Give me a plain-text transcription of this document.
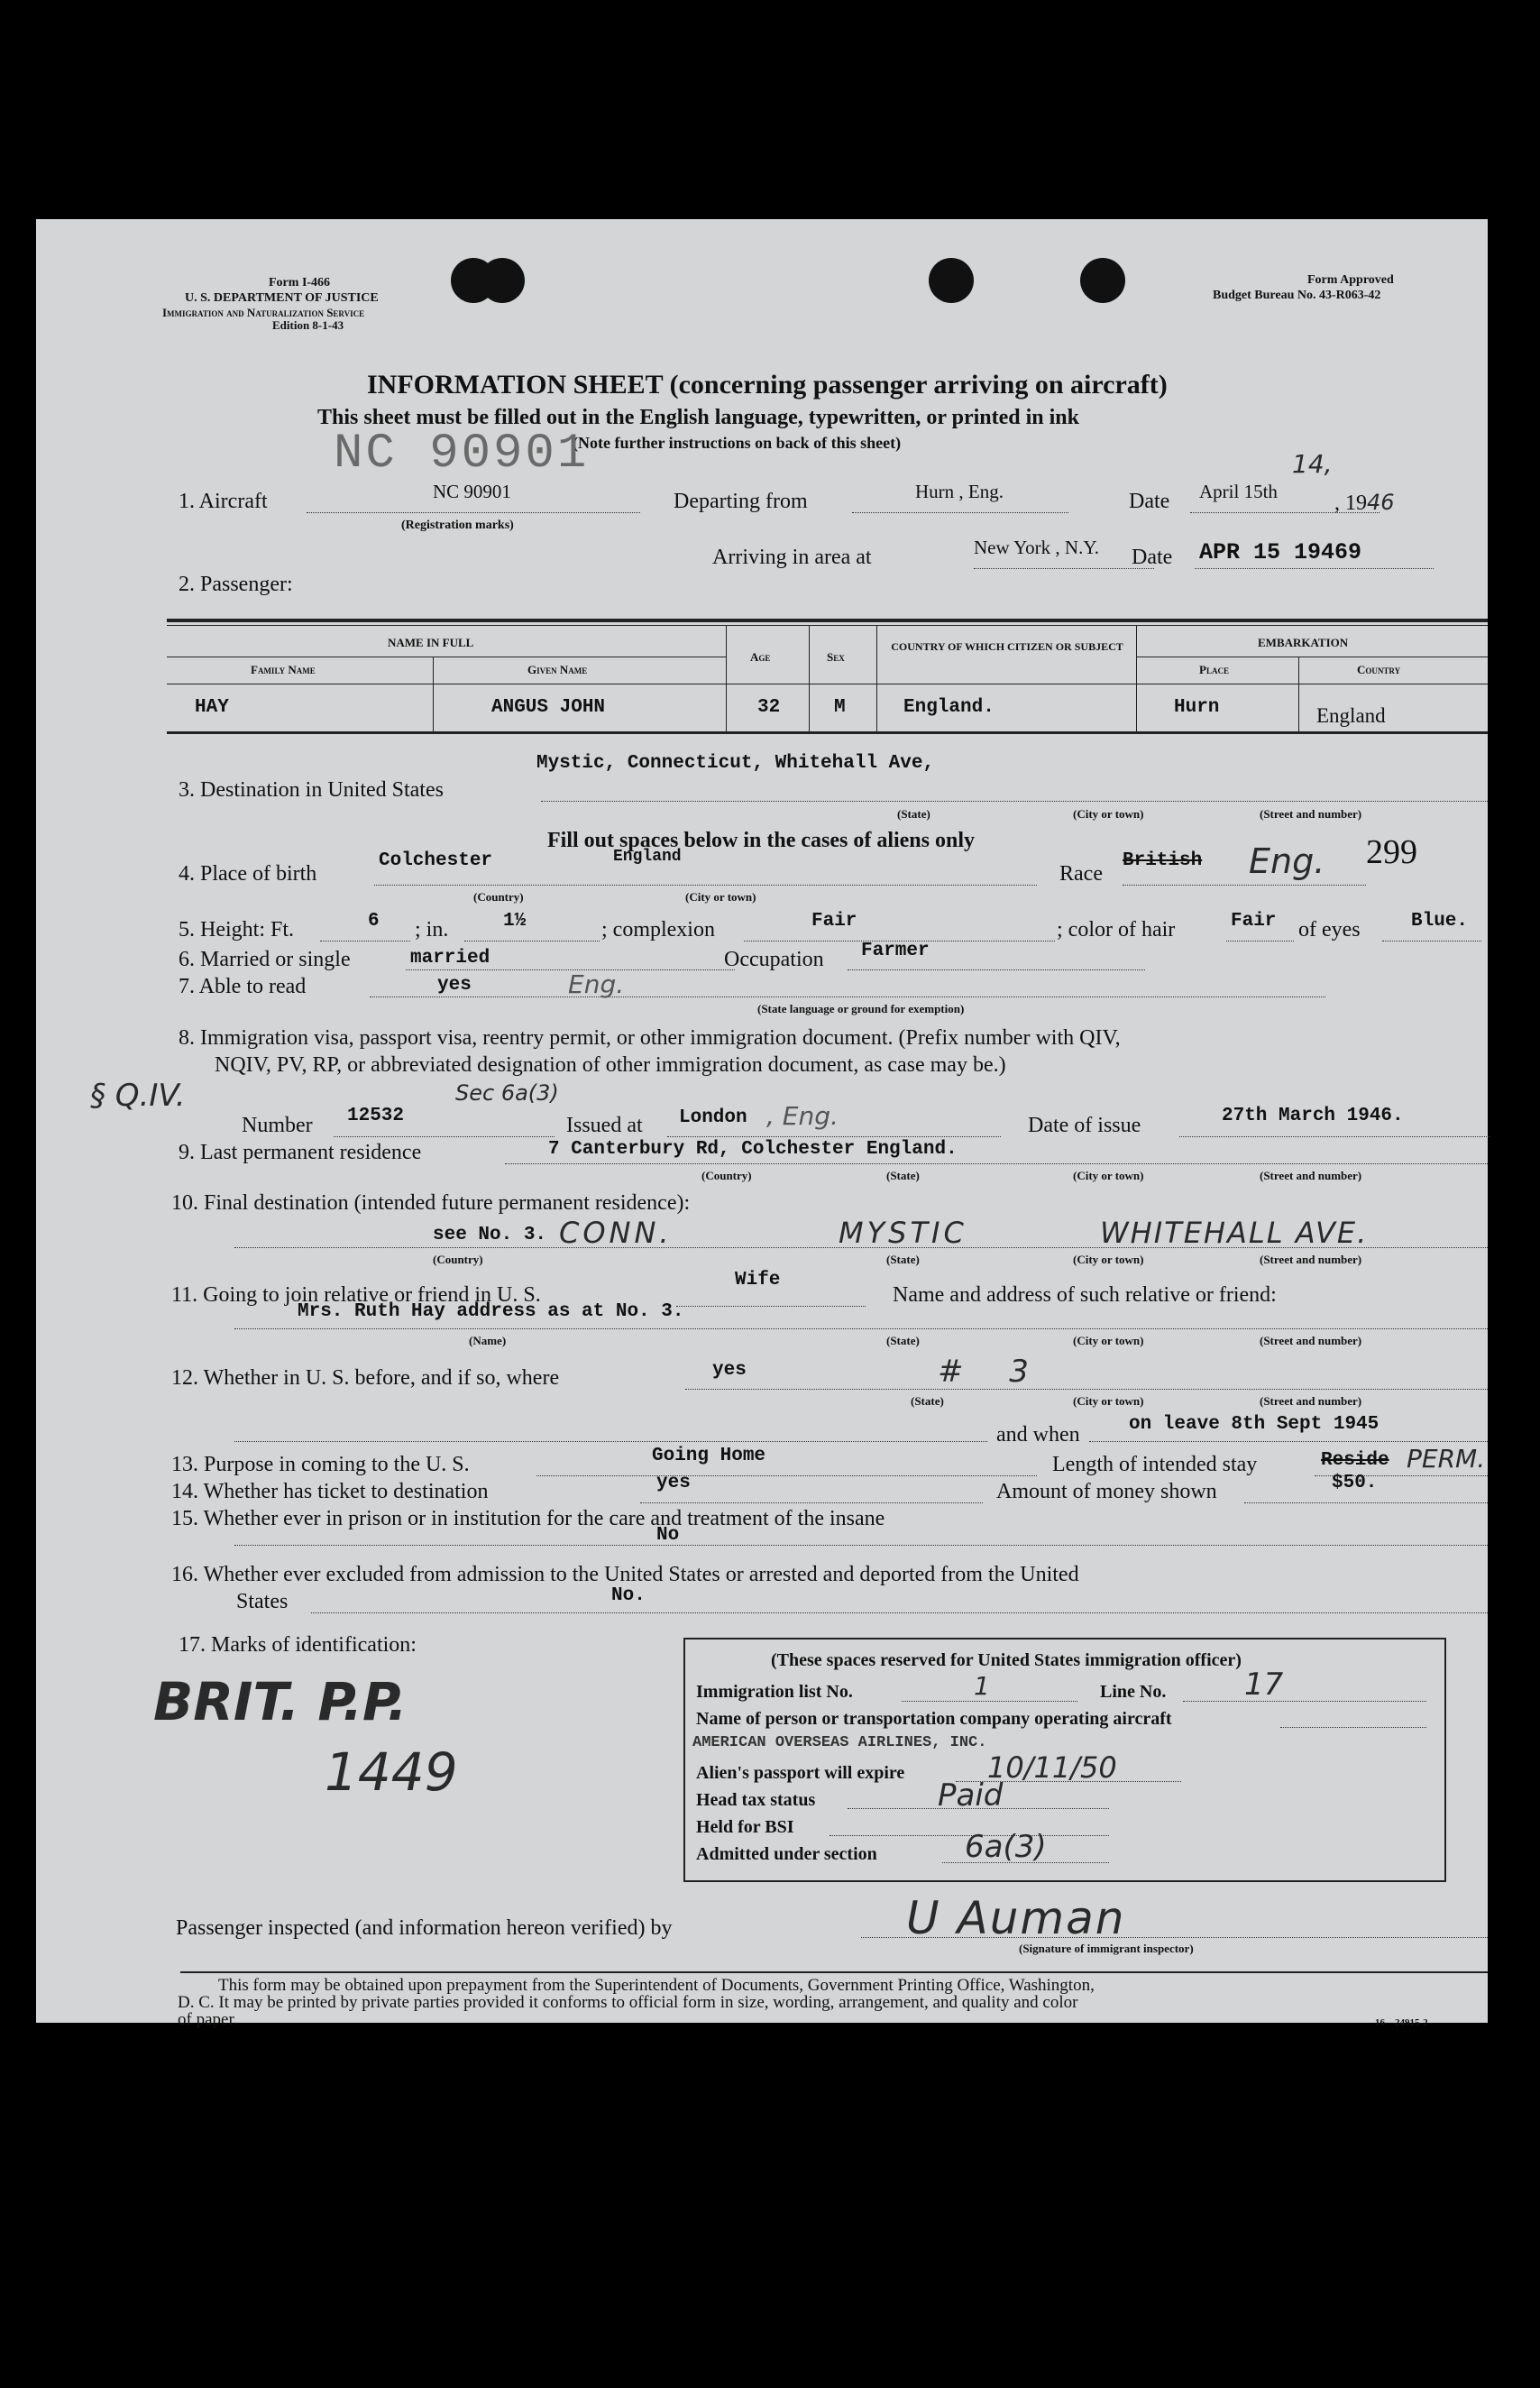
Form I-466
U. S. DEPARTMENT OF JUSTICE
Immigration and Naturalization Service
Edition 8-1-43
Form Approved
Budget Bureau No. 43-R063-42
INFORMATION SHEET (concerning passenger arriving on aircraft)
This sheet must be filled out in the English language, typewritten, or printed in ink
(Note further instructions on back of this sheet)
NC 90901
1. Aircraft	NC 90901
(Registration marks)
Departing from	Hurn , Eng.	Date April 15th
14,
, 1946
Arriving in area at	New York , N.Y. Date APR 15 19469
2. Passenger:
NAME IN FULL
Family Name	Given Name
Age	Sex
COUNTRY OF WHICH CITIZEN OR SUBJECT	EMBARKATION
Place	Country
HAY	ANGUS JOHN	32	M	England.	Hurn	England
Mystic, Connecticut, Whitehall Ave,
3. Destination in United States
(State)	(City or town)	(Street and number)
Fill out spaces below in the cases of aliens only
4. Place of birth
Colchester	England
(Country)	(City or town)
Race
British Eng. 299
5. Height: Ft.	6 ; in.	1½	; complexion	Fair	; color of hair	Fair of eyes	Blue.
6. Married or single	married	Occupation Farmer
7. Able to read	yes	Eng.
(State language or ground for exemption)
8. Immigration visa, passport visa, reentry permit, or other immigration document. (Prefix number with QIV,
NQIV, PV, RP, or abbreviated designation of other immigration document, as case may be.)
§ Q.IV.	Sec 6a(3)
Number 12532	Issued at London , Eng.	Date of issue	27th March 1946.
9. Last permanent residence	7 Canterbury Rd, Colchester England.
(Country)	(State)	(City or town)	(Street and number)
10. Final destination (intended future permanent residence):
see No. 3. CONN.	MYSTIC	WHITEHALL AVE.
(Country)	(State)	(City or town)	(Street and number)
Wife
11. Going to join relative or friend in U. S.	Name and address of such relative or friend:
Mrs. Ruth Hay address as at No. 3.
(Name)	(State)	(City or town)	(Street and number)
12. Whether in U. S. before, and if so, where	yes	# 3
(State)	(City or town)	(Street and number)
and when	on leave 8th Sept 1945
13. Purpose in coming to the U. S.	Going Home	Length of intended stay	Reside PERM.
14. Whether has ticket to destination	yes	Amount of money shown	$50.
15. Whether ever in prison or in institution for the care and treatment of the insane
No
16. Whether ever excluded from admission to the United States or arrested and deported from the United
States	No.
17. Marks of identification:
BRIT. P.P.
1449
(These spaces reserved for United States immigration officer)
Immigration list No.	1	Line No.	17
Name of person or transportation company operating aircraft
AMERICAN OVERSEAS AIRLINES, INC.
Alien's passport will expire	10/11/50
Head tax status	Paid
Held for BSI
Admitted under section	6a(3)
Passenger inspected (and information hereon verified) by	U Auman
(Signature of immigrant inspector)
This form may be obtained upon prepayment from the Superintendent of Documents, Government Printing Office, Washington,
D. C. It may be printed by private parties provided it conforms to official form in size, wording, arrangement, and quality and color
of paper.	16—24915-2
